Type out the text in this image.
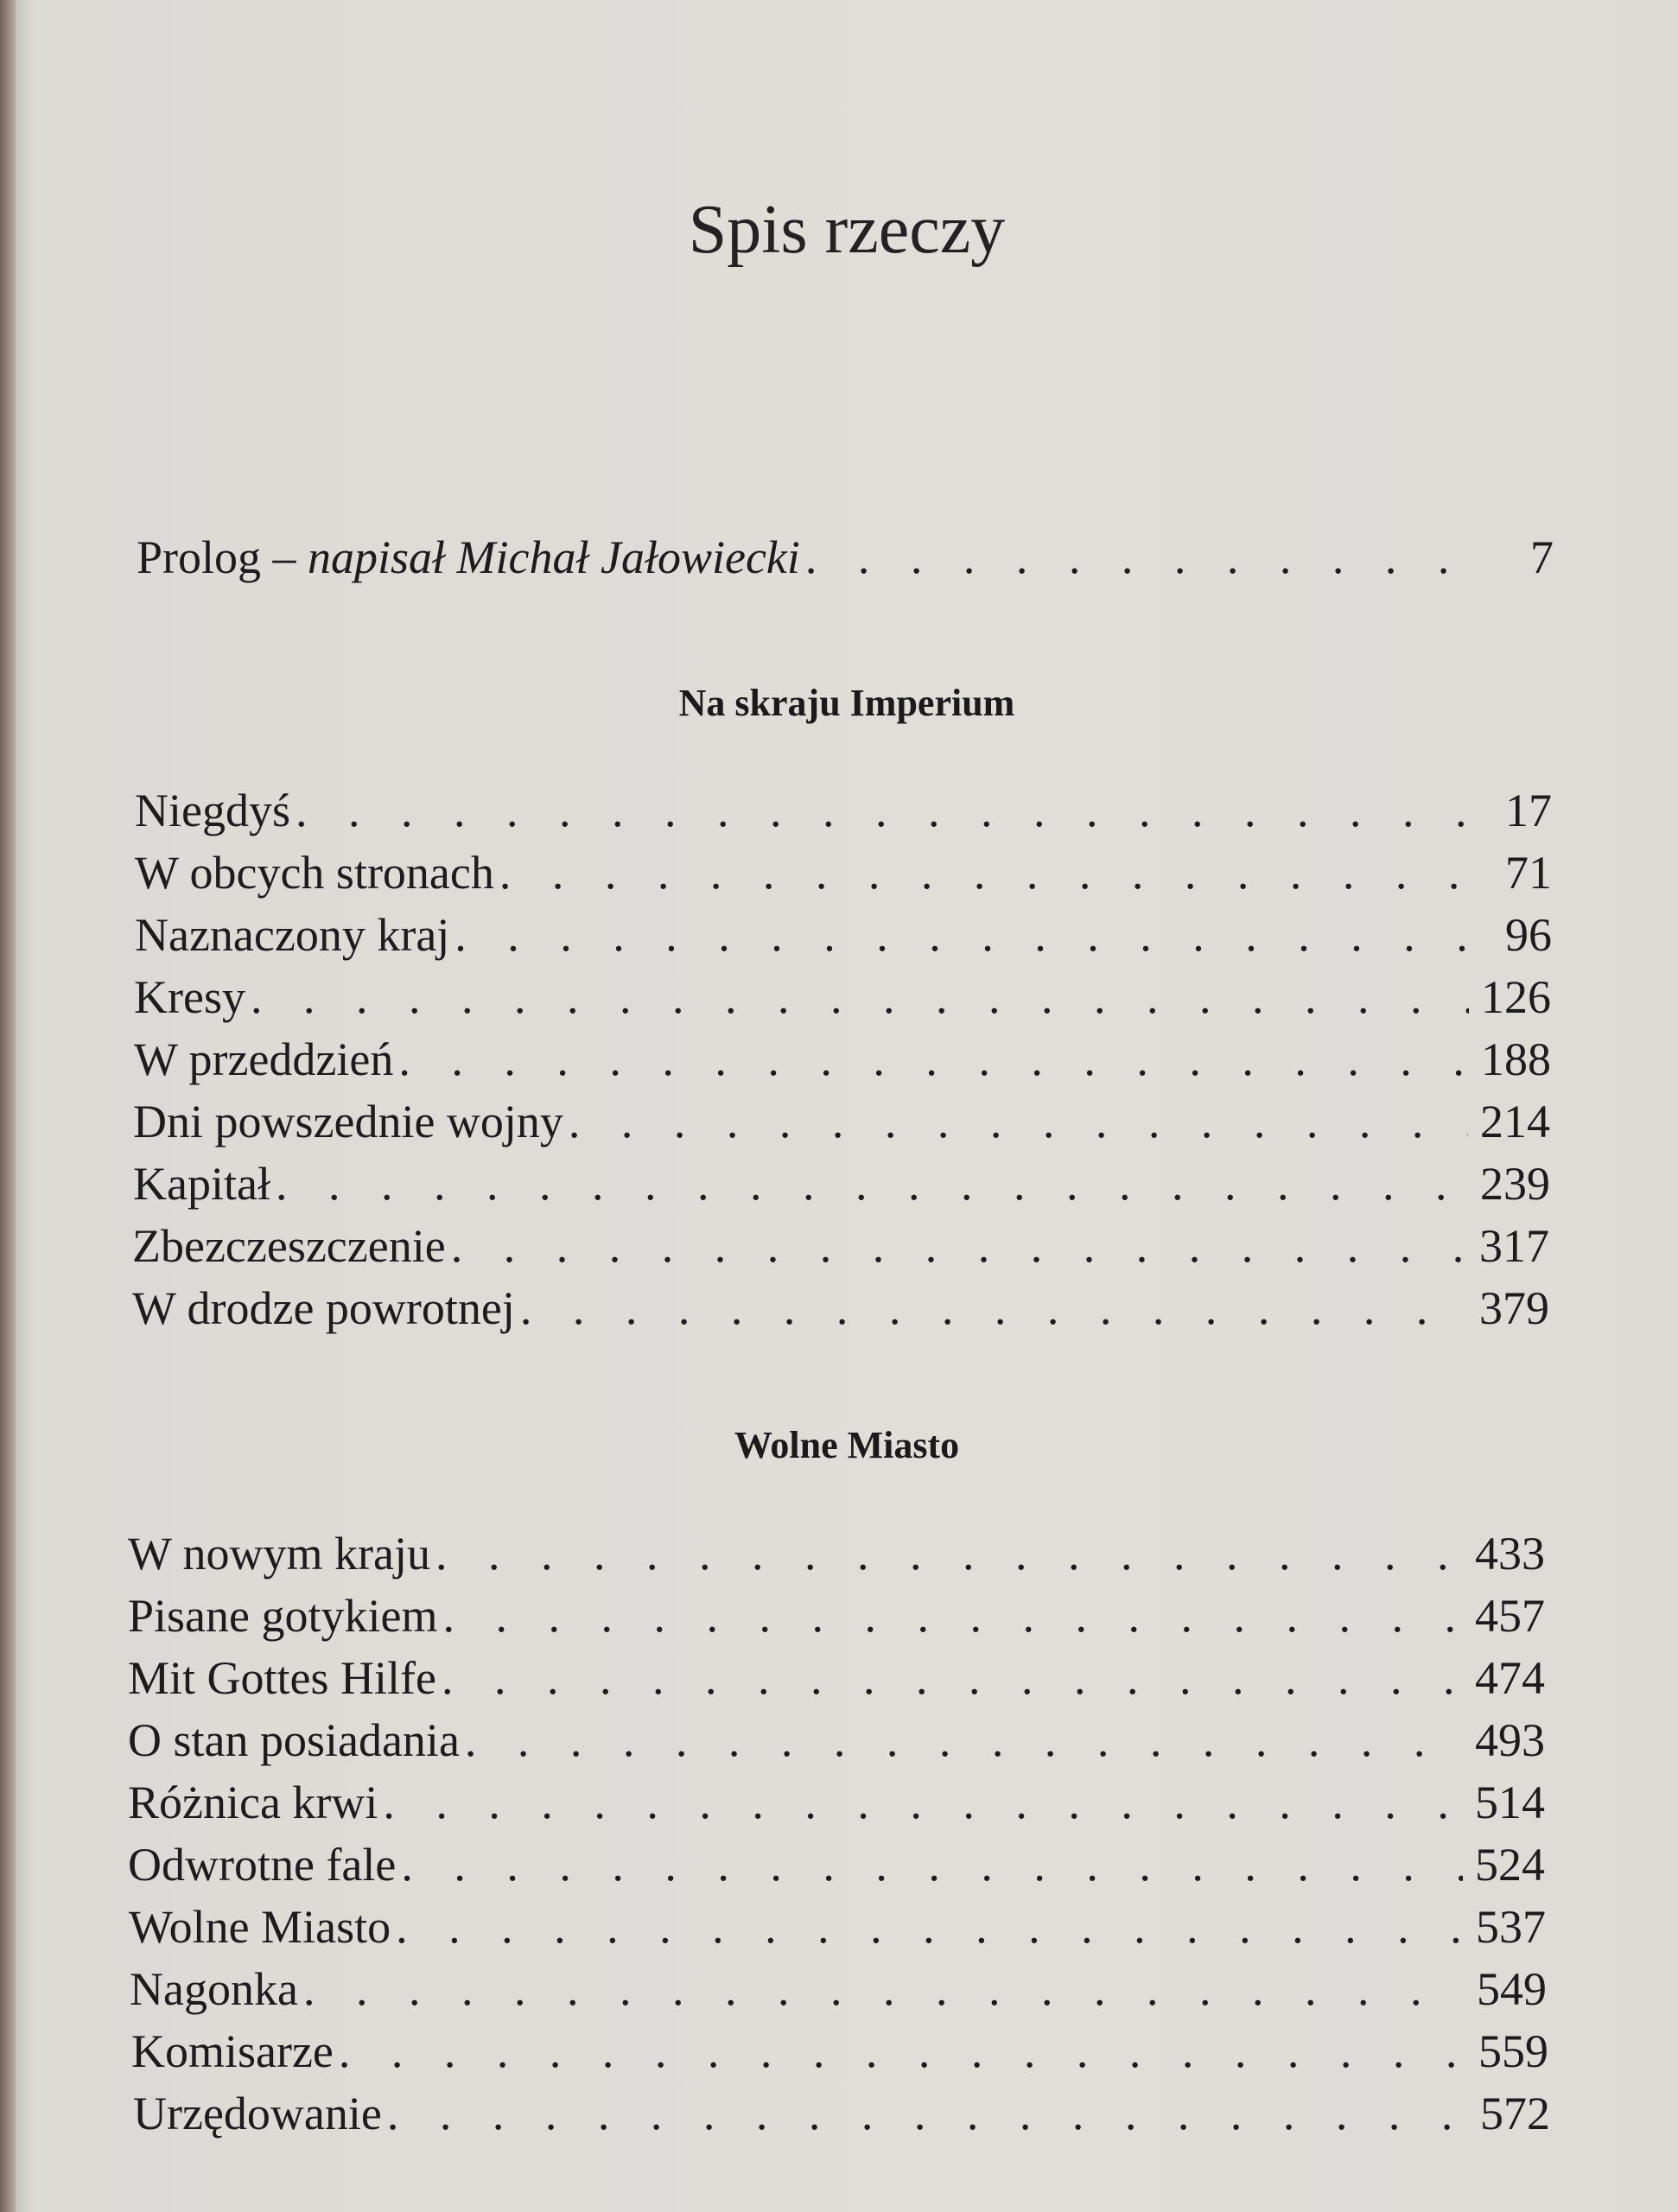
Spis rzeczy
Prolog – napisał Michał Jałowiecki . . .	7
Na skraju Imperium
Niegdyś . . .	17
W obcych stronach . . .	71
Naznaczony kraj . . .	96
Kresy . . .	126
W przeddzień . . .	188
Dni powszednie wojny . . .	214
Kapitał . . .	239
Zbezczeszczenie . . .	317
W drodze powrotnej . . .	379
Wolne Miasto
W nowym kraju . . .	433
Pisane gotykiem . . .	457
Mit Gottes Hilfe . . .	474
O stan posiadania . . .	493
Różnica krwi . . .	514
Odwrotne fale . . .	524
Wolne Miasto . . .	537
Nagonka . . .	549
Komisarze . . .	559
Urzędowanie . . .	572
